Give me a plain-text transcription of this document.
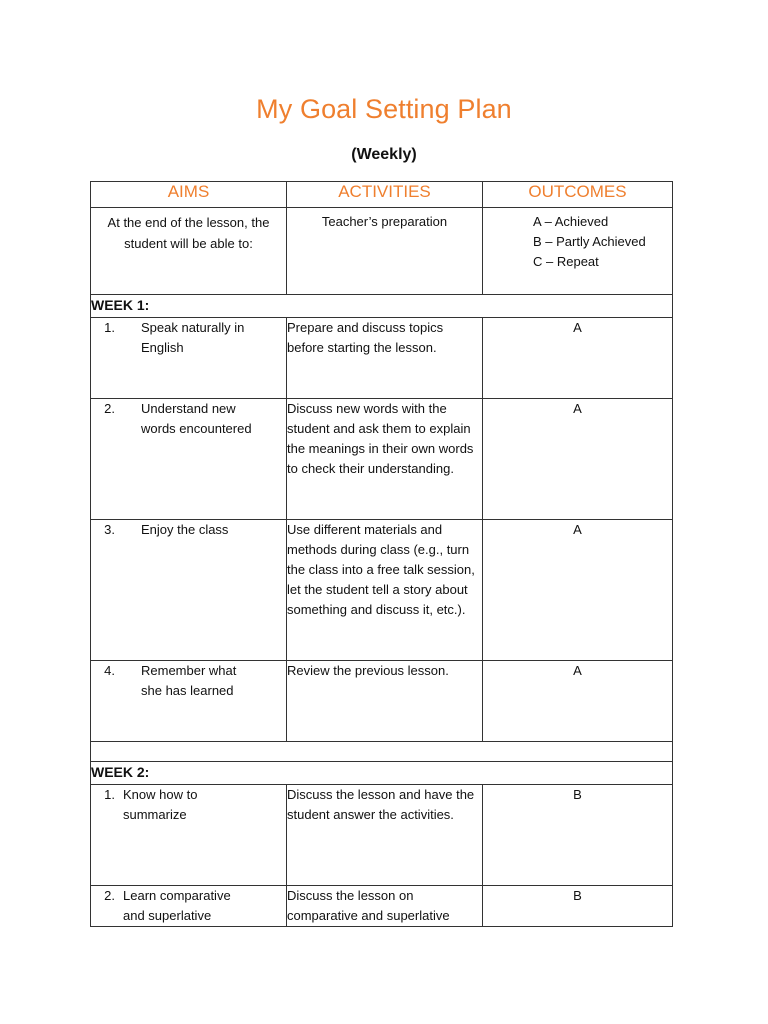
My Goal Setting Plan
(Weekly)
AIMS	ACTIVITIES	OUTCOMES
At the end of the lesson, the student will be able to:	Teacher’s preparation	A – Achieved
B – Partly Achieved
C – Repeat

WEEK 1:		
1. Speak naturally in English	Prepare and discuss topics before starting the lesson.	A
2. Understand new words encountered	Discuss new words with the student and ask them to explain the meanings in their own words to check their understanding.	A
3. Enjoy the class	Use different materials and methods during class (e.g., turn the class into a free talk session, let the student tell a story about something and discuss it, etc.).	A
4. Remember what she has learned	Review the previous lesson.	A

WEEK 2:		
1. Know how to summarize	Discuss the lesson and have the student answer the activities.	B
2. Learn comparative and superlative	Discuss the lesson on comparative and superlative	B
